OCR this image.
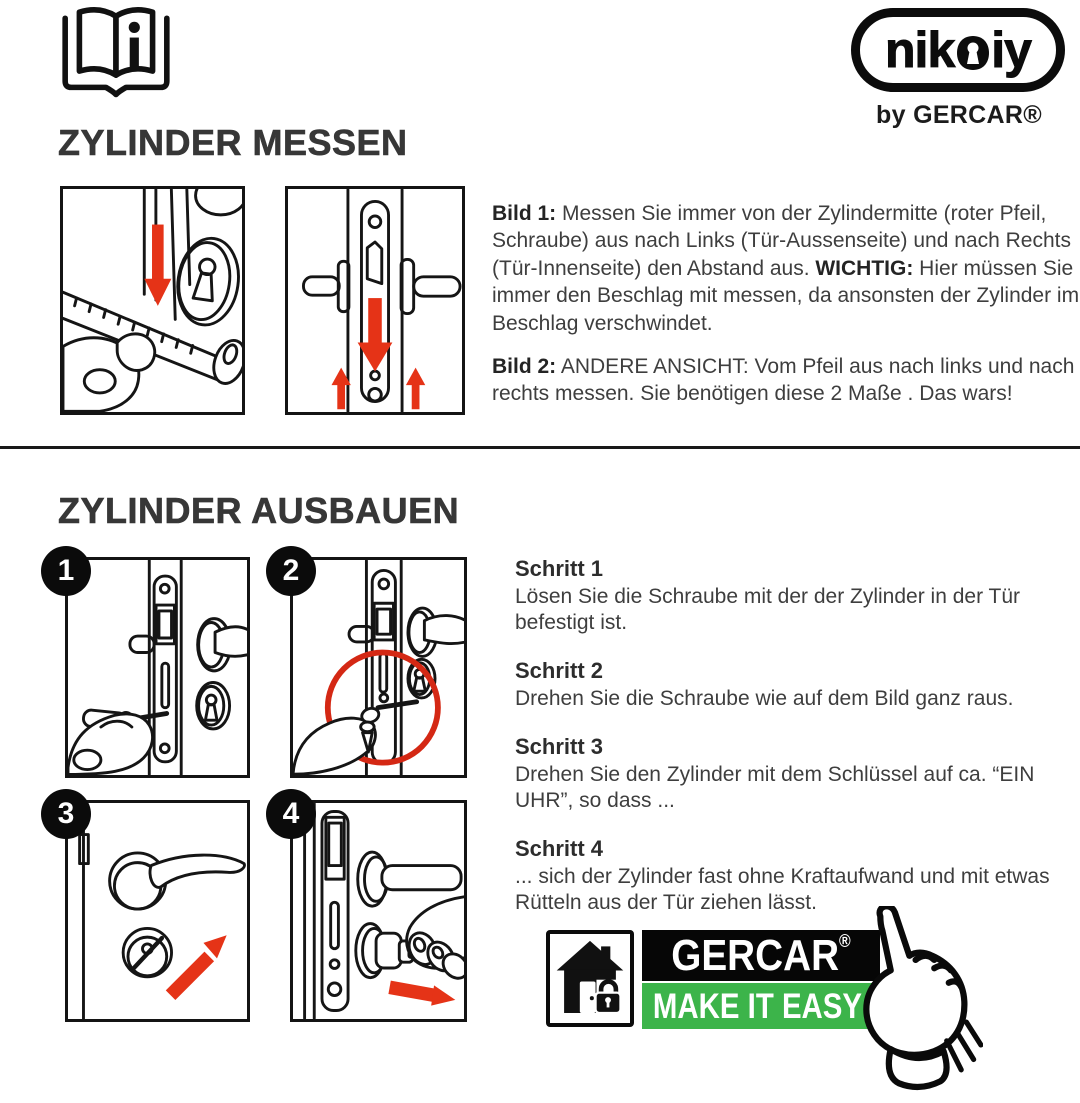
ZYLINDER MESSEN
nik iy
by GERCAR®

Bild 1: Messen Sie immer von der Zylindermitte (roter Pfeil, Schraube) aus nach Links (Tür-Aussenseite) und nach Rechts (Tür-Innenseite) den Abstand aus. WICHTIG: Hier müssen Sie immer den Beschlag mit messen, da ansonsten der Zylinder im Beschlag verschwindet.

Bild 2: ANDERE ANSICHT: Vom Pfeil aus nach links und nach rechts messen. Sie benötigen diese 2 Maße . Das wars!

ZYLINDER AUSBAUEN
1	2
3	4
Schritt 1

Lösen Sie die Schraube mit der der Zylinder in der Tür befestigt ist.

Schritt 2

Drehen Sie die Schraube wie auf dem Bild ganz raus.

Schritt 3

Drehen Sie den Zylinder mit dem Schlüssel auf ca. “EIN UHR”, so dass ...

Schritt 4

... sich der Zylinder fast ohne Kraftaufwand und mit etwas Rütteln aus der Tür ziehen lässt.

GERCAR®
MAKE IT EASY
